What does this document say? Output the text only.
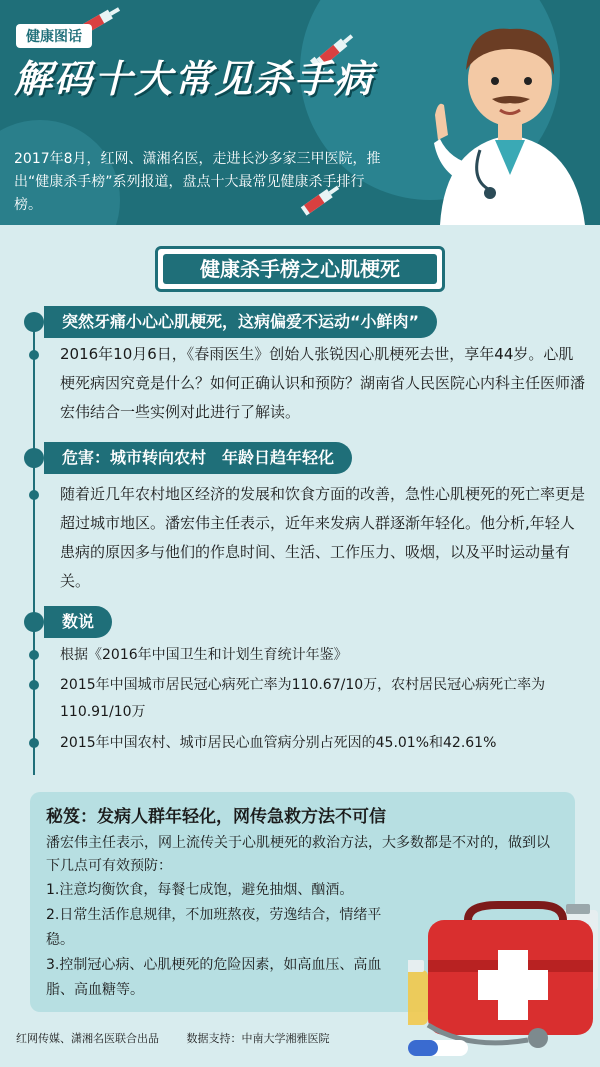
健康图话
解码十大常见杀手病
2017年8月，红网、潇湘名医，走进长沙多家三甲医院，推出“健康杀手榜”系列报道，盘点十大最常见健康杀手排行榜。
健康杀手榜之心肌梗死
突然牙痛小心心肌梗死，这病偏爱不运动“小鲜肉”
2016年10月6日，《春雨医生》创始人张锐因心肌梗死去世，享年44岁。心肌梗死病因究竟是什么？如何正确认识和预防？湖南省人民医院心内科主任医师潘宏伟结合一些实例对此进行了解读。
危害：城市转向农村　年龄日趋年轻化
随着近几年农村地区经济的发展和饮食方面的改善，急性心肌梗死的死亡率更是超过城市地区。潘宏伟主任表示，近年来发病人群逐渐年轻化。他分析,年轻人患病的原因多与他们的作息时间、生活、工作压力、吸烟，以及平时运动量有关。
数说
根据《2016年中国卫生和计划生育统计年鉴》
2015年中国城市居民冠心病死亡率为110.67/10万，农村居民冠心病死亡率为110.91/10万
2015年中国农村、城市居民心血管病分别占死因的45.01%和42.61%
秘笈：发病人群年轻化，网传急救方法不可信
潘宏伟主任表示，网上流传关于心肌梗死的救治方法，大多数都是不对的，做到以下几点可有效预防：
1.注意均衡饮食，每餐七成饱，避免抽烟、酗酒。
2.日常生活作息规律，不加班熬夜，劳逸结合，情绪平稳。
3.控制冠心病、心肌梗死的危险因素，如高血压、高血脂、高血糖等。
红网传媒、潇湘名医联合出品	数据支持：中南大学湘雅医院
